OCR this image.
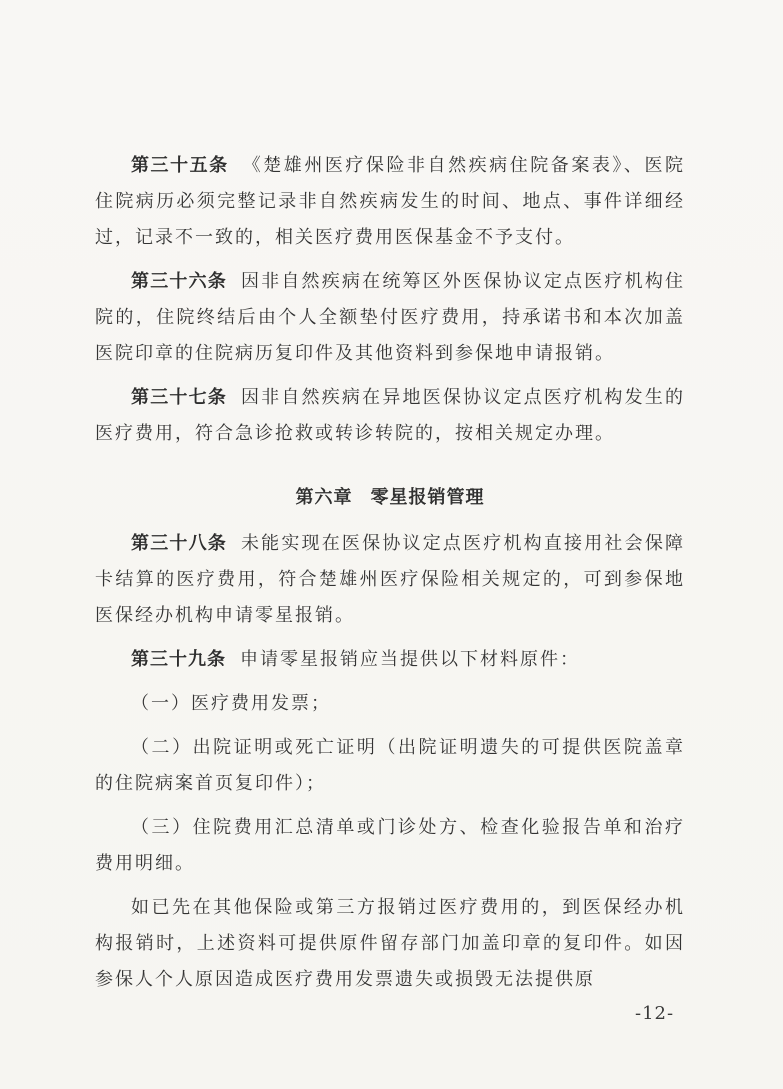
第三十五条 《楚雄州医疗保险非自然疾病住院备案表》、医院住院病历必须完整记录非自然疾病发生的时间、地点、事件详细经过，记录不一致的，相关医疗费用医保基金不予支付。

第三十六条 因非自然疾病在统筹区外医保协议定点医疗机构住院的，住院终结后由个人全额垫付医疗费用，持承诺书和本次加盖医院印章的住院病历复印件及其他资料到参保地申请报销。

第三十七条 因非自然疾病在异地医保协议定点医疗机构发生的医疗费用，符合急诊抢救或转诊转院的，按相关规定办理。

第六章 零星报销管理

第三十八条 未能实现在医保协议定点医疗机构直接用社会保障卡结算的医疗费用，符合楚雄州医疗保险相关规定的，可到参保地医保经办机构申请零星报销。

第三十九条 申请零星报销应当提供以下材料原件：

（一）医疗费用发票；

（二）出院证明或死亡证明（出院证明遗失的可提供医院盖章的住院病案首页复印件）；

（三）住院费用汇总清单或门诊处方、检查化验报告单和治疗费用明细。

如已先在其他保险或第三方报销过医疗费用的，到医保经办机构报销时，上述资料可提供原件留存部门加盖印章的复印件。如因参保人个人原因造成医疗费用发票遗失或损毁无法提供原

-12-
